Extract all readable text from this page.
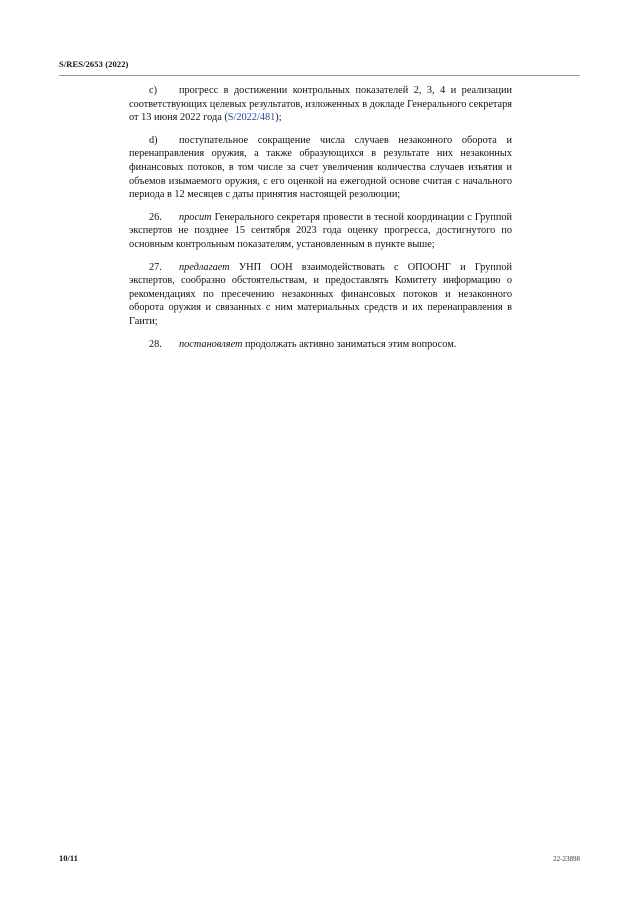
S/RES/2653 (2022)

c) прогресс в достижении контрольных показателей 2, 3, 4 и реализации соответствующих целевых результатов, изложенных в докладе Генерального секретаря от 13 июня 2022 года (S/2022/481);

d) поступательное сокращение числа случаев незаконного оборота и перенаправления оружия, а также образующихся в результате них незаконных финансовых потоков, в том числе за счет увеличения количества случаев изъятия и объемов изымаемого оружия, с его оценкой на ежегодной основе считая с начального периода в 12 месяцев с даты принятия настоящей резолюции;

26. просит Генерального секретаря провести в тесной координации с Группой экспертов не позднее 15 сентября 2023 года оценку прогресса, достигнутого по основным контрольным показателям, установленным в пункте выше;

27. предлагает УНП ООН взаимодействовать с ОПООНГ и Группой экспертов, сообразно обстоятельствам, и предоставлять Комитету информацию о рекомендациях по пресечению незаконных финансовых потоков и незаконного оборота оружия и связанных с ним материальных средств и их перенаправления в Гаити;

28. постановляет продолжать активно заниматься этим вопросом.

10/11	22-23898
